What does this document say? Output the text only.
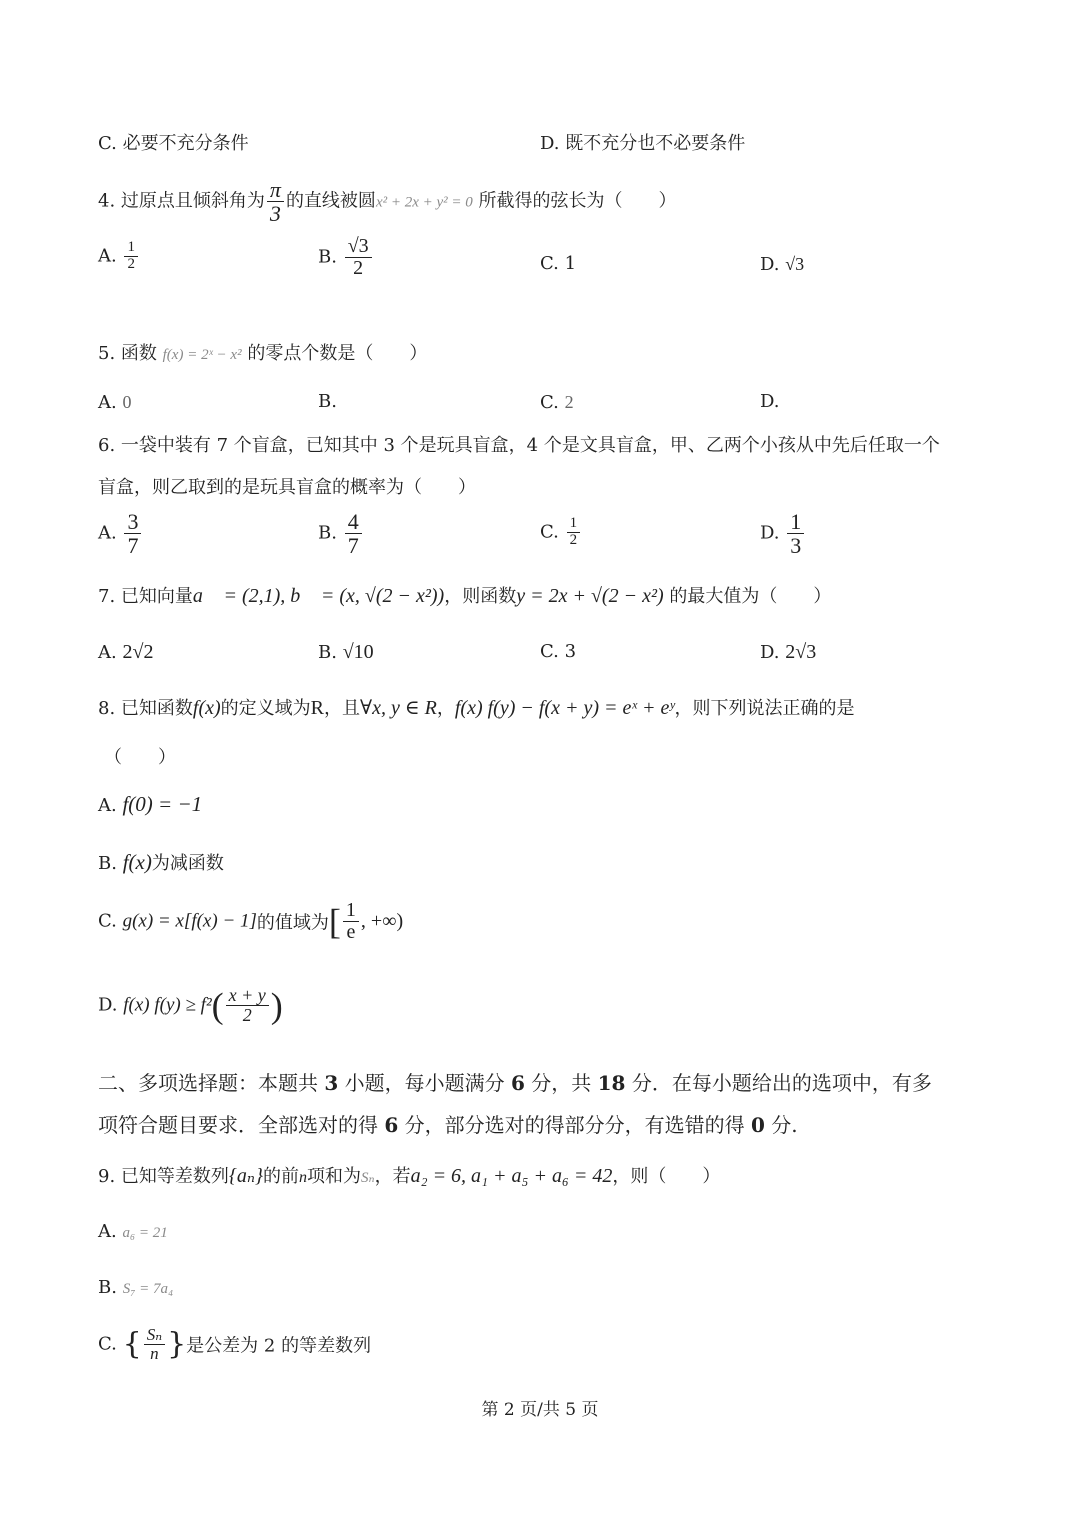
C. 必要不充分条件	D. 既不充分也不必要条件
4. 过原点且倾斜角为 $\frac{\pi}{3}$ 的直线被圆x² + 2x + y² = 0 所截得的弦长为（　　）
A. $\frac{1}{2}$	B. $\frac{√3}{2}$	C. 1	D. √3
5. 函数 f(x) = 2ˣ − x² 的零点个数是（　　）
A. 0	B.	C. 2	D.
6. 一袋中装有 7 个盲盒，已知其中 3 个是玩具盲盒，4 个是文具盲盒，甲、乙两个小孩从中先后任取一个
盲盒，则乙取到的是玩具盲盒的概率为（　　）
A. $\frac{3}{7}$	B. $\frac{4}{7}$	C. $\frac{1}{2}$	D. $\frac{1}{3}$
7. 已知向量a⃗ = (2,1), b⃗ = (x, √(2 − x²))，则函数y = 2x + √(2 − x²) 的最大值为（　　）
A. 2√2	B. √10	C. 3	D. 2√3
8. 已知函数f(x)的定义域为R，且∀x, y ∈ R，f(x) f(y) − f(x + y) = eˣ + eʸ，则下列说法正确的是
（　　）
A. f(0) = −1
B. f(x)为减函数
C. g(x) = x[f(x) − 1]的值域为[ $\frac{1}{e}$ , +∞)
D. f(x) $f(y) \ge f^2( \frac{x + y}{2}$ )
二、多项选择题：本题共 3 小题，每小题满分 6 分，共 18 分．在每小题给出的选项中，有多
项符合题目要求．全部选对的得 6 分，部分选对的得部分分，有选错的得 0 分.
9. 已知等差数列{aₙ}的前n项和为Sₙ，若a₂ = 6, a₁ + a₅ + a₆ = 42，则（　　）
A. a₆ = 21
B. S₇ = 7a₄
C. { $\frac{\text{Sₙ}}{n}$ }是公差为 2 的等差数列
第 2 页/共 5 页
